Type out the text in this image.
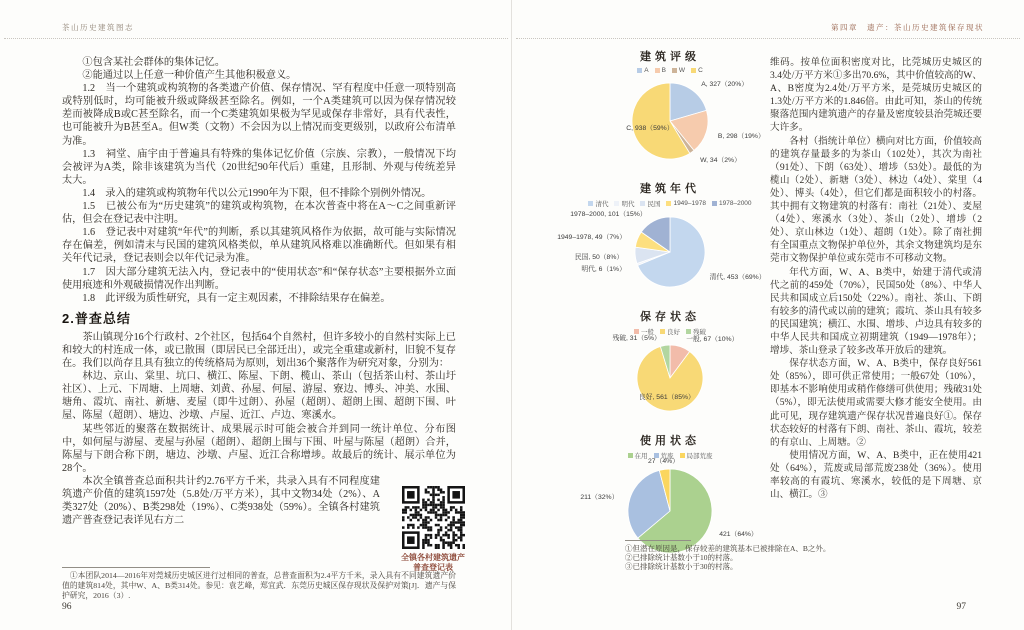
茶山历史建筑图志

①包含某社会群体的集体记忆。

②能通过以上任意一种价值产生其他积极意义。

1.2　当一个建筑或构筑物的各类遗产价值、保存情况、罕有程度中任意一项特别高或特别低时，均可能被升级或降级甚至除名。例如，一个A类建筑可以因为保存情况较差而被降成B或C甚至除名，而一个C类建筑如果极为罕见或保存非常好，具有代表性，也可能被升为B甚至A。但W类（文物）不会因为以上情况而变更级别，以政府公布清单为准。

1.3　祠堂、庙宇由于普遍具有特殊的集体记忆价值（宗族、宗教），一般情况下均会被评为A类，除非该建筑为当代（20世纪90年代后）重建，且形制、外观与传统差异太大。

1.4　录入的建筑或构筑物年代以公元1990年为下限，但不排除个别例外情况。

1.5　已被公布为“历史建筑”的建筑或构筑物，在本次普查中将在A～C之间重新评估，但会在登记表中注明。

1.6　登记表中对建筑“年代”的判断，系以其建筑风格作为依据，故可能与实际情况存在偏差，例如清末与民国的建筑风格类似，单从建筑风格难以准确断代。但如果有相关年代记录，登记表则会以年代记录为准。

1.7　因大部分建筑无法入内，登记表中的“使用状态”和“保存状态”主要根据外立面使用痕迹和外观破损情况作出判断。

1.8　此评级为质性研究，具有一定主观因素，不排除结果存在偏差。

2.普查总结

茶山镇现分16个行政村、2个社区，包括64个自然村，但许多较小的自然村实际上已和较大的村连成一体，或已散围（即居民已全部迁出），或完全重建或新村，旧貌不复存在。我们以尚存且具有独立的传统格局为原则，划出36个聚落作为研究对象，分别为：

林边、京山、棠里、坑口、横江、陈屋、下朗、榄山、茶山（包括茶山村、茶山圩社区）、上元、下周塘、上周塘、刘黄、孙屋、何屋、游屋、寮边、博头、冲美、水围、塘角、霞坑、南社、新塘、麦屋（即牛过朗）、孙屋（超朗）、超朗上围、超朗下围、叶屋、陈屋（超朗）、塘边、沙墩、卢屋、近江、卢边、寒溪水。

某些邻近的聚落在数据统计、成果展示时可能会被合并到同一统计单位、分布图中，如何屋与游屋、麦屋与孙屋（超朗）、超朗上围与下围、叶屋与陈屋（超朗）合并，陈屋与下朗合称下朗，塘边、沙墩、卢屋、近江合称增埗。故最后的统计、展示单位为28个。

本次全镇普查总面积共计约2.76平方千米，共录入具有不同程度建筑遗产价值的建筑1597处（5.8处/万平方米），其中文物34处（2%）、A类327处（20%）、B类298处（19%）、C类938处（59%）。全镇各村建筑遗产普查登记表详见右方二

全镇各村建筑遗产
普查登记表

①本团队2014—2016年对莞城历史城区进行过相同的普查，总普查面积为2.4平方千米，录入具有不同建筑遗产价值的建筑814处，其中W、A、B类314处。参见：袁艺峰，郑宜武．东莞历史城区保存现状及保护对策[J]．遗产与保护研究，2016（3）.

96
第四章　遗产：茶山历史建筑保存现状
建筑评级
A B W C
A, 327（20%）
B, 298（19%）
W, 34（2%）
C, 938（59%）
建筑年代
清代 明代 民国 1949–1978 1978–2000
清代, 453（69%）
明代, 6（1%）
民国, 50（8%）
1949–1978, 49（7%）
1978–2000, 101（15%）
保存状态
一般 良好 残破
一般, 67（10%）
良好, 561（85%）
残破, 31（5%）
使用状态
在用 荒废 局部荒废
421（64%）
211（32%）
27（4%）

维码。按单位面积密度对比，比莞城历史城区的3.4处/万平方米①多出70.6%，其中价值较高的W、A、B密度为2.4处/万平方米，是莞城历史城区的1.3处/万平方米的1.846倍。由此可知，茶山的传统聚落范围内建筑遗产的存量及密度较县治莞城还要大许多。

各村（指统计单位）横向对比方面，价值较高的建筑存量最多的为茶山（102处），其次为南社（91处）、下朗（63处）、增埗（53处）。最低的为榄山（2处）、新塘（3处）、林边（4处）、棠里（4处）、博头（4处），但它们都是面积较小的村落。其中拥有文物建筑的村落有：南社（21处）、麦屋（4处）、寒溪水（3处）、茶山（2处）、增埗（2处）、京山林边（1处）、超朗（1处）。除了南社拥有全国重点文物保护单位外，其余文物建筑均是东莞市文物保护单位或东莞市不可移动文物。

年代方面，W、A、B类中，始建于清代或清代之前的459处（70%），民国50处（8%）、中华人民共和国成立后150处（22%）。南社、茶山、下朗有较多的清代或以前的建筑；霞坑、茶山具有较多的民国建筑；横江、水围、增埗、卢边具有较多的中华人民共和国成立初期建筑（1949—1978年）；增埗、茶山登录了较多改革开放后的建筑。

保存状态方面，W、A、B类中，保存良好561处（85%），即可供正常使用；一般67处（10%），即基本不影响使用或稍作修缮可供使用；残破31处（5%），即无法使用或需要大修才能安全使用。由此可见，现存建筑遗产保存状况普遍良好①。保存状态较好的村落有下朗、南社、茶山、霞坑，较差的有京山、上周塘。②

使用情况方面，W、A、B类中，正在使用421处（64%），荒废或局部荒废238处（36%）。使用率较高的有霞坑、寒溪水，较低的是下周塘、京山、横江。③

①但潜在原因是，保存较差的建筑基本已被排除在A、B之外。

②已排除统计基数小于10的村落。

③已排除统计基数小于30的村落。

97
